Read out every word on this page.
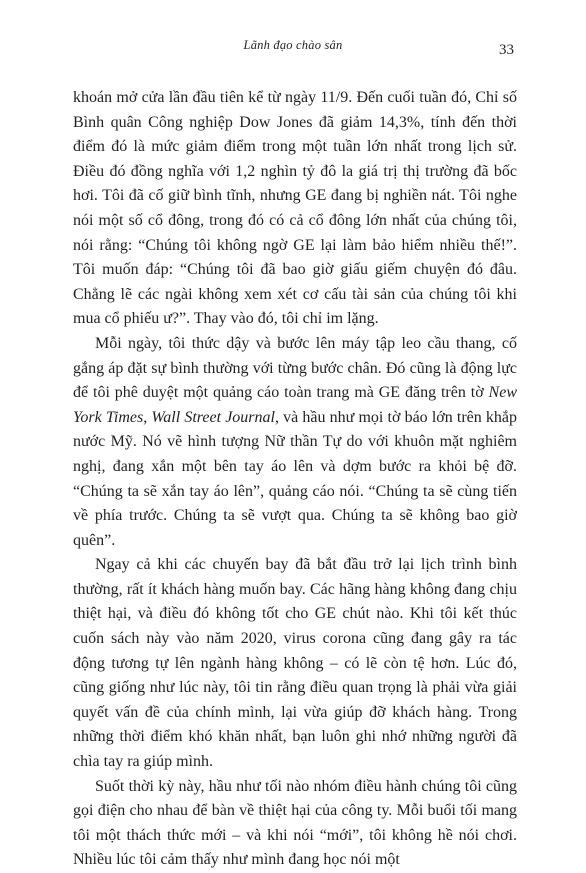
Lãnh đạo chào sân	33

khoán mở cửa lần đầu tiên kể từ ngày 11/9. Đến cuối tuần đó, Chỉ số Bình quân Công nghiệp Dow Jones đã giảm 14,3%, tính đến thời điểm đó là mức giảm điểm trong một tuần lớn nhất trong lịch sử. Điều đó đồng nghĩa với 1,2 nghìn tỷ đô la giá trị thị trường đã bốc hơi. Tôi đã cố giữ bình tĩnh, nhưng GE đang bị nghiền nát. Tôi nghe nói một số cổ đông, trong đó có cả cổ đông lớn nhất của chúng tôi, nói rằng: “Chúng tôi không ngờ GE lại làm bảo hiểm nhiều thế!”. Tôi muốn đáp: “Chúng tôi đã bao giờ giấu giếm chuyện đó đâu. Chẳng lẽ các ngài không xem xét cơ cấu tài sản của chúng tôi khi mua cổ phiếu ư?”. Thay vào đó, tôi chỉ im lặng.

Mỗi ngày, tôi thức dậy và bước lên máy tập leo cầu thang, cố gắng áp đặt sự bình thường với từng bước chân. Đó cũng là động lực để tôi phê duyệt một quảng cáo toàn trang mà GE đăng trên tờ New York Times, Wall Street Journal, và hầu như mọi tờ báo lớn trên khắp nước Mỹ. Nó vẽ hình tượng Nữ thần Tự do với khuôn mặt nghiêm nghị, đang xắn một bên tay áo lên và dợm bước ra khỏi bệ đỡ. “Chúng ta sẽ xắn tay áo lên”, quảng cáo nói. “Chúng ta sẽ cùng tiến về phía trước. Chúng ta sẽ vượt qua. Chúng ta sẽ không bao giờ quên”.

Ngay cả khi các chuyến bay đã bắt đầu trở lại lịch trình bình thường, rất ít khách hàng muốn bay. Các hãng hàng không đang chịu thiệt hại, và điều đó không tốt cho GE chút nào. Khi tôi kết thúc cuốn sách này vào năm 2020, virus corona cũng đang gây ra tác động tương tự lên ngành hàng không – có lẽ còn tệ hơn. Lúc đó, cũng giống như lúc này, tôi tin rằng điều quan trọng là phải vừa giải quyết vấn đề của chính mình, lại vừa giúp đỡ khách hàng. Trong những thời điểm khó khăn nhất, bạn luôn ghi nhớ những người đã chìa tay ra giúp mình.

Suốt thời kỳ này, hầu như tối nào nhóm điều hành chúng tôi cũng gọi điện cho nhau để bàn về thiệt hại của công ty. Mỗi buổi tối mang tôi một thách thức mới – và khi nói “mới”, tôi không hề nói chơi. Nhiều lúc tôi cảm thấy như mình đang học nói một
